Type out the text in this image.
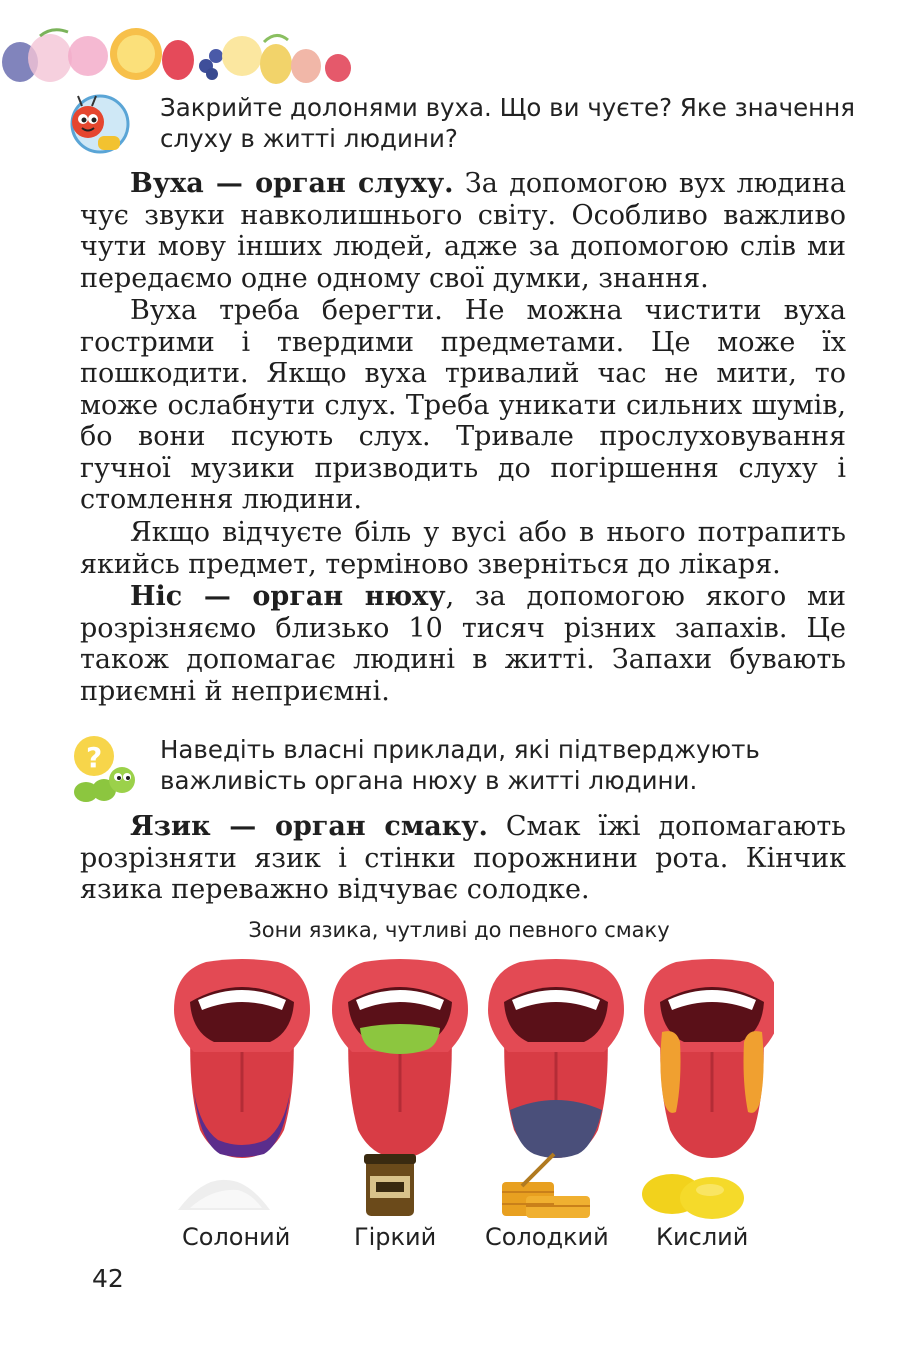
Закрийте долонями вуха. Що ви чуєте? Яке значення слуху в житті людини?
Вуха — орган слуху. За допомогою вух людина чує звуки навколишнього світу. Особливо важливо чути мову інших людей, адже за допомогою слів ми передаємо одне одному свої думки, знання.
Вуха треба берегти. Не можна чистити вуха гострими і твердими предметами. Це може їх пошкодити. Якщо вуха тривалий час не мити, то може ослабнути слух. Треба уникати сильних шумів, бо вони псують слух. Тривале прослуховування гучної музики призводить до погіршення слуху і стомлення людини.
Якщо відчуєте біль у вусі або в нього потрапить якийсь предмет, терміново зверніться до лікаря.
Ніс — орган нюху, за допомогою якого ми розрізняємо близько 10 тисяч різних запахів. Це також допомагає людині в житті. Запахи бувають приємні й неприємні.
? Наведіть власні приклади, які підтверджують важливість органа нюху в житті людини.
Язик — орган смаку. Смак їжі допомагають розрізняти язик і стінки порожнини рота. Кінчик язика переважно відчуває солодке.
Зони язика, чутливі до певного смаку
Солоний	Гіркий Солодкий Кислий
42
